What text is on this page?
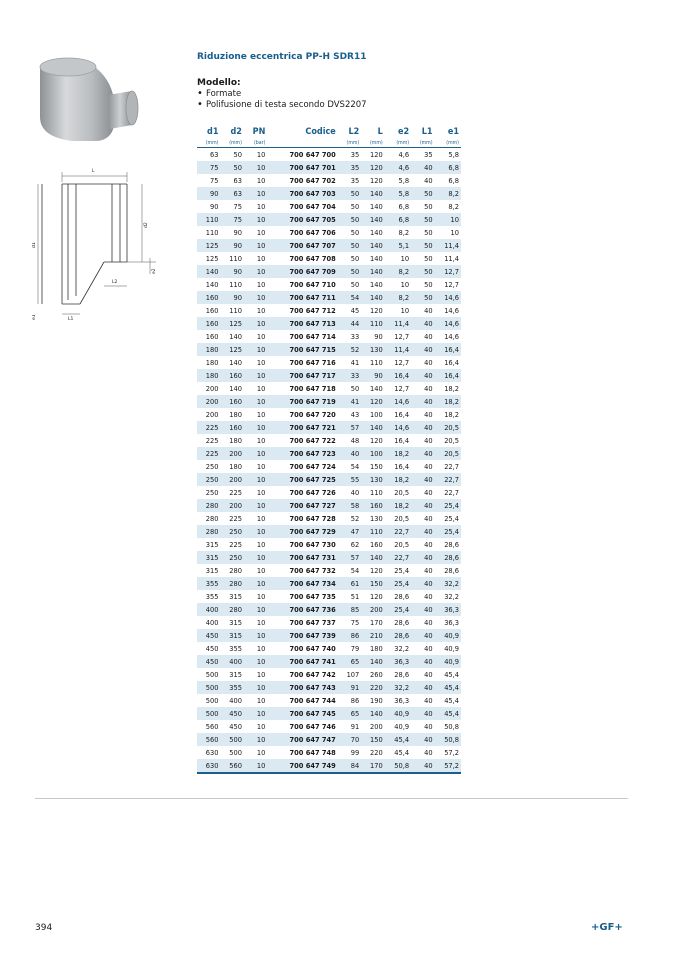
L
d1
d2
e2
L2
L1
e1
Riduzione eccentrica PP-H SDR11
Modello:
• Formate
• Polifusione di testa secondo DVS2207
d1	d2	PN	Codice	L2	L	e2	L1	e1
(mm)	(mm)	(bar)		(mm)	(mm)	(mm)	(mm)	(mm)
63	50	10	700 647 700	35	120	4,6	35	5,8
75	50	10	700 647 701	35	120	4,6	40	6,8
75	63	10	700 647 702	35	120	5,8	40	6,8
90	63	10	700 647 703	50	140	5,8	50	8,2
90	75	10	700 647 704	50	140	6,8	50	8,2
110	75	10	700 647 705	50	140	6,8	50	10
110	90	10	700 647 706	50	140	8,2	50	10
125	90	10	700 647 707	50	140	5,1	50	11,4
125	110	10	700 647 708	50	140	10	50	11,4
140	90	10	700 647 709	50	140	8,2	50	12,7
140	110	10	700 647 710	50	140	10	50	12,7
160	90	10	700 647 711	54	140	8,2	50	14,6
160	110	10	700 647 712	45	120	10	40	14,6
160	125	10	700 647 713	44	110	11,4	40	14,6
160	140	10	700 647 714	33	90	12,7	40	14,6
180	125	10	700 647 715	52	130	11,4	40	16,4
180	140	10	700 647 716	41	110	12,7	40	16,4
180	160	10	700 647 717	33	90	16,4	40	16,4
200	140	10	700 647 718	50	140	12,7	40	18,2
200	160	10	700 647 719	41	120	14,6	40	18,2
200	180	10	700 647 720	43	100	16,4	40	18,2
225	160	10	700 647 721	57	140	14,6	40	20,5
225	180	10	700 647 722	48	120	16,4	40	20,5
225	200	10	700 647 723	40	100	18,2	40	20,5
250	180	10	700 647 724	54	150	16,4	40	22,7
250	200	10	700 647 725	55	130	18,2	40	22,7
250	225	10	700 647 726	40	110	20,5	40	22,7
280	200	10	700 647 727	58	160	18,2	40	25,4
280	225	10	700 647 728	52	130	20,5	40	25,4
280	250	10	700 647 729	47	110	22,7	40	25,4
315	225	10	700 647 730	62	160	20,5	40	28,6
315	250	10	700 647 731	57	140	22,7	40	28,6
315	280	10	700 647 732	54	120	25,4	40	28,6
355	280	10	700 647 734	61	150	25,4	40	32,2
355	315	10	700 647 735	51	120	28,6	40	32,2
400	280	10	700 647 736	85	200	25,4	40	36,3
400	315	10	700 647 737	75	170	28,6	40	36,3
450	315	10	700 647 739	86	210	28,6	40	40,9
450	355	10	700 647 740	79	180	32,2	40	40,9
450	400	10	700 647 741	65	140	36,3	40	40,9
500	315	10	700 647 742	107	260	28,6	40	45,4
500	355	10	700 647 743	91	220	32,2	40	45,4
500	400	10	700 647 744	86	190	36,3	40	45,4
500	450	10	700 647 745	65	140	40,9	40	45,4
560	450	10	700 647 746	91	200	40,9	40	50,8
560	500	10	700 647 747	70	150	45,4	40	50,8
630	500	10	700 647 748	99	220	45,4	40	57,2
630	560	10	700 647 749	84	170	50,8	40	57,2
394	+GF+
